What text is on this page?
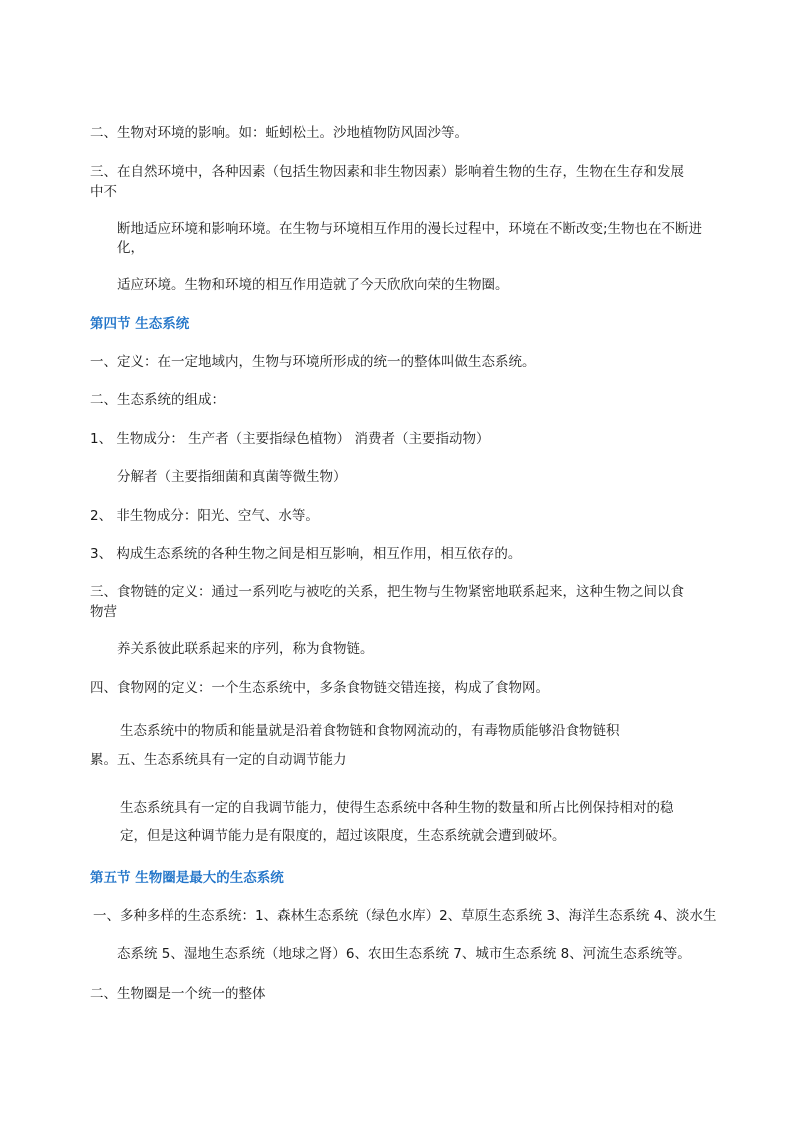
二、生物对环境的影响。如：蚯蚓松土。沙地植物防风固沙等。
三、在自然环境中，各种因素（包括生物因素和非生物因素）影响着生物的生存，生物在生存和发展
中不
断地适应环境和影响环境。在生物与环境相互作用的漫长过程中，环境在不断改变;生物也在不断进
化，
适应环境。生物和环境的相互作用造就了今天欣欣向荣的生物圈。
第四节 生态系统
一、定义：在一定地域内，生物与环境所形成的统一的整体叫做生态系统。
二、生态系统的组成：
1、 生物成分： 生产者（主要指绿色植物） 消费者（主要指动物）
分解者（主要指细菌和真菌等微生物）
2、 非生物成分：阳光、空气、水等。
3、 构成生态系统的各种生物之间是相互影响，相互作用，相互依存的。
三、食物链的定义：通过一系列吃与被吃的关系，把生物与生物紧密地联系起来，这种生物之间以食
物营
养关系彼此联系起来的序列，称为食物链。
四、食物网的定义：一个生态系统中，多条食物链交错连接，构成了食物网。
生态系统中的物质和能量就是沿着食物链和食物网流动的，有毒物质能够沿食物链积
累。五、生态系统具有一定的自动调节能力
生态系统具有一定的自我调节能力，使得生态系统中各种生物的数量和所占比例保持相对的稳
定，但是这种调节能力是有限度的，超过该限度，生态系统就会遭到破坏。
第五节 生物圈是最大的生态系统
一、多种多样的生态系统：1、森林生态系统（绿色水库）2、草原生态系统 3、海洋生态系统 4、淡水生
态系统 5、湿地生态系统（地球之肾）6、农田生态系统 7、城市生态系统 8、河流生态系统等。
二、生物圈是一个统一的整体
